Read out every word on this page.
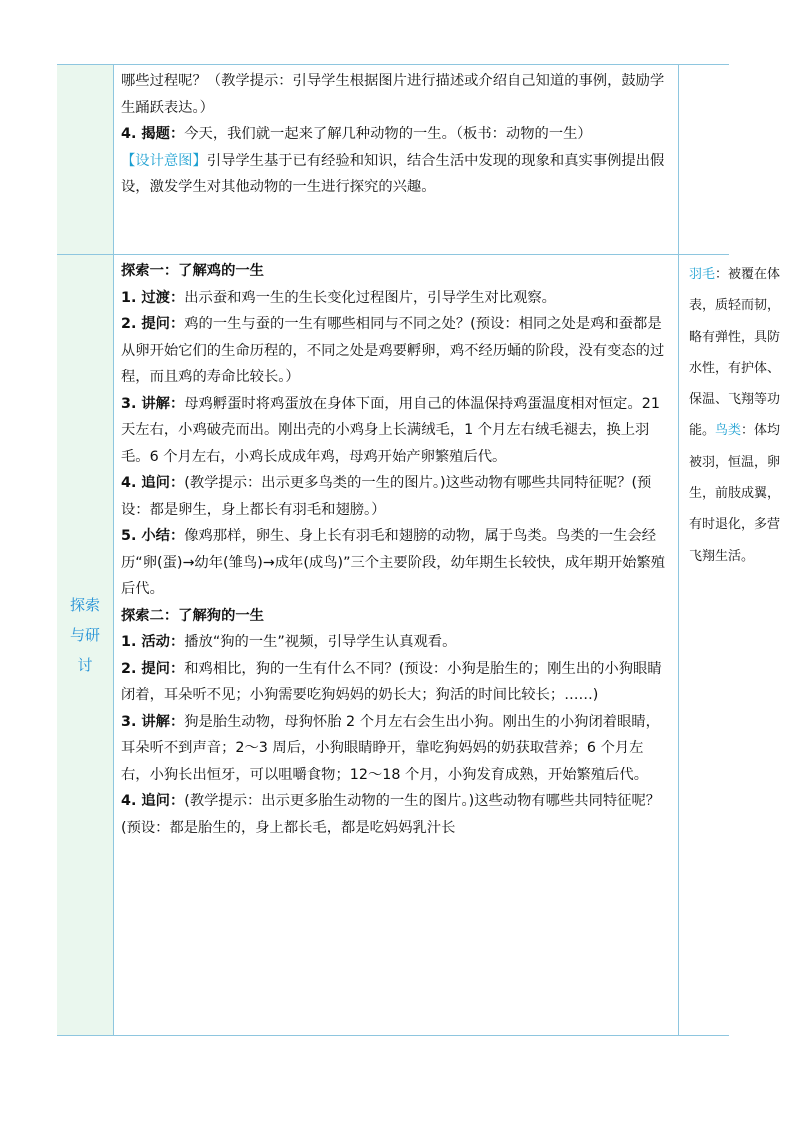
哪些过程呢？（教学提示：引导学生根据图片进行描述或介绍自己知道的事例，鼓励学生踊跃表达。）

4. 揭题：今天，我们就一起来了解几种动物的一生。（板书：动物的一生）

【设计意图】引导学生基于已有经验和知识，结合生活中发现的现象和真实事例提出假设，激发学生对其他动物的一生进行探究的兴趣。

探索
与研
讨

探索一：了解鸡的一生

1. 过渡：出示蚕和鸡一生的生长变化过程图片，引导学生对比观察。

2. 提问：鸡的一生与蚕的一生有哪些相同与不同之处？(预设：相同之处是鸡和蚕都是从卵开始它们的生命历程的，不同之处是鸡要孵卵，鸡不经历蛹的阶段，没有变态的过程，而且鸡的寿命比较长。）

3. 讲解：母鸡孵蛋时将鸡蛋放在身体下面，用自己的体温保持鸡蛋温度相对恒定。21 天左右，小鸡破壳而出。刚出壳的小鸡身上长满绒毛，1 个月左右绒毛褪去，换上羽毛。6 个月左右，小鸡长成成年鸡，母鸡开始产卵繁殖后代。

4. 追问：(教学提示：出示更多鸟类的一生的图片。)这些动物有哪些共同特征呢？(预设：都是卵生，身上都长有羽毛和翅膀。）

5. 小结：像鸡那样，卵生、身上长有羽毛和翅膀的动物，属于鸟类。鸟类的一生会经历“卵(蛋)→幼年(雏鸟)→成年(成鸟)”三个主要阶段，幼年期生长较快，成年期开始繁殖后代。

探索二：了解狗的一生

1. 活动：播放“狗的一生”视频，引导学生认真观看。

2. 提问：和鸡相比，狗的一生有什么不同？(预设：小狗是胎生的；刚生出的小狗眼睛闭着，耳朵听不见；小狗需要吃狗妈妈的奶长大；狗活的时间比较长；……)

3. 讲解：狗是胎生动物，母狗怀胎 2 个月左右会生出小狗。刚出生的小狗闭着眼睛，耳朵听不到声音；2～3 周后，小狗眼睛睁开，靠吃狗妈妈的奶获取营养；6 个月左右，小狗长出恒牙，可以咀嚼食物；12～18 个月，小狗发育成熟，开始繁殖后代。

4. 追问：(教学提示：出示更多胎生动物的一生的图片。)这些动物有哪些共同特征呢？(预设：都是胎生的，身上都长毛，都是吃妈妈乳汁长

羽毛：被覆在体表，质轻而韧，略有弹性，具防水性，有护体、保温、飞翔等功能。鸟类：体均被羽，恒温，卵生，前肢成翼，有时退化，多营飞翔生活。
